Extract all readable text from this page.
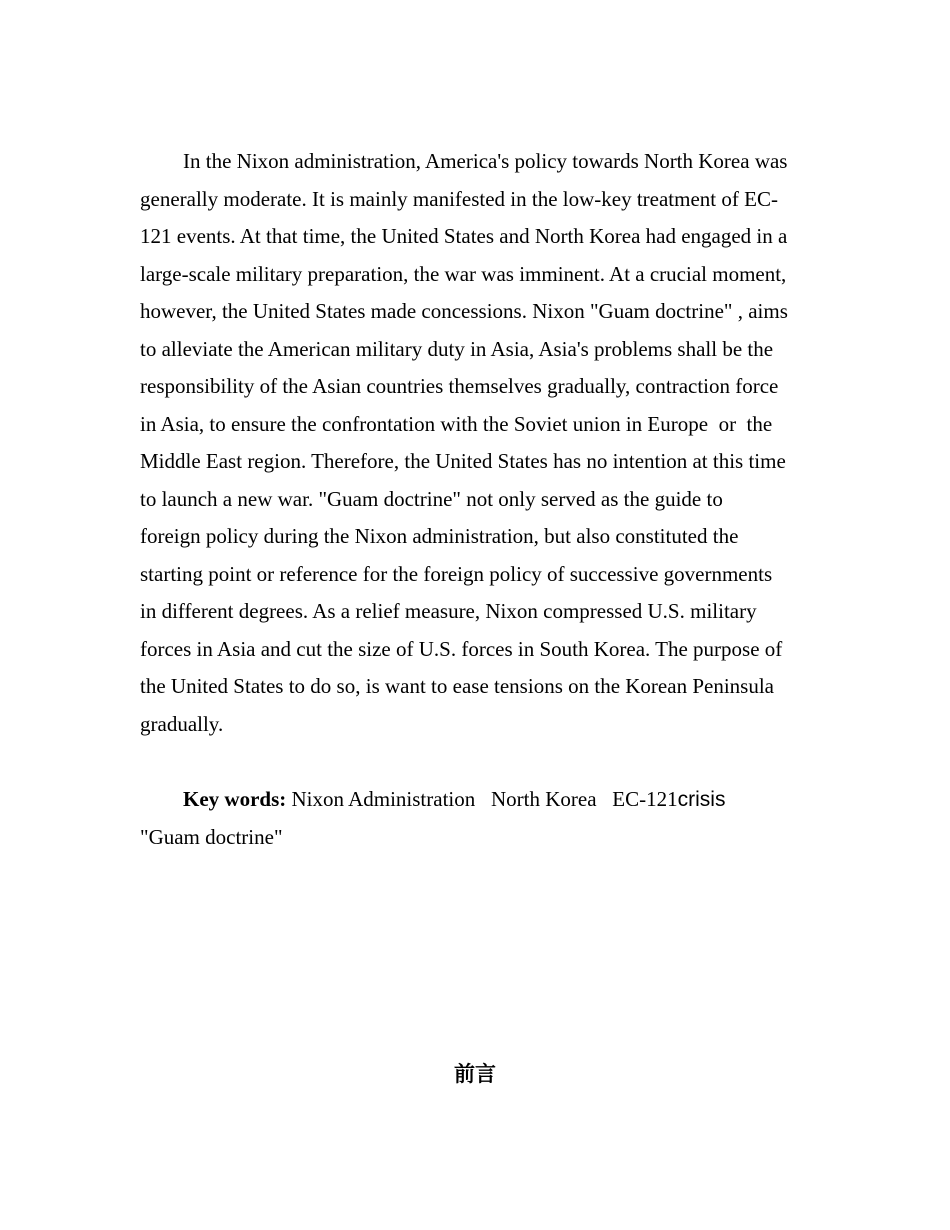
In the Nixon administration, America's policy towards North Korea was
generally moderate. It is mainly manifested in the low-key treatment of EC-
121 events. At that time, the United States and North Korea had engaged in a
large-scale military preparation, the war was imminent. At a crucial moment,
however, the United States made concessions. Nixon "Guam doctrine" , aims
to alleviate the American military duty in Asia, Asia's problems shall be the
responsibility of the Asian countries themselves gradually, contraction force
in Asia, to ensure the confrontation with the Soviet union in Europe  or  the
Middle East region. Therefore, the United States has no intention at this time
to launch a new war. "Guam doctrine" not only served as the guide to
foreign policy during the Nixon administration, but also constituted the
starting point or reference for the foreign policy of successive governments
in different degrees. As a relief measure, Nixon compressed U.S. military
forces in Asia and cut the size of U.S. forces in South Korea. The purpose of
the United States to do so, is want to ease tensions on the Korean Peninsula
gradually.

Key words: Nixon Administration   North Korea   EC-121crisis
"Guam doctrine"

前言
